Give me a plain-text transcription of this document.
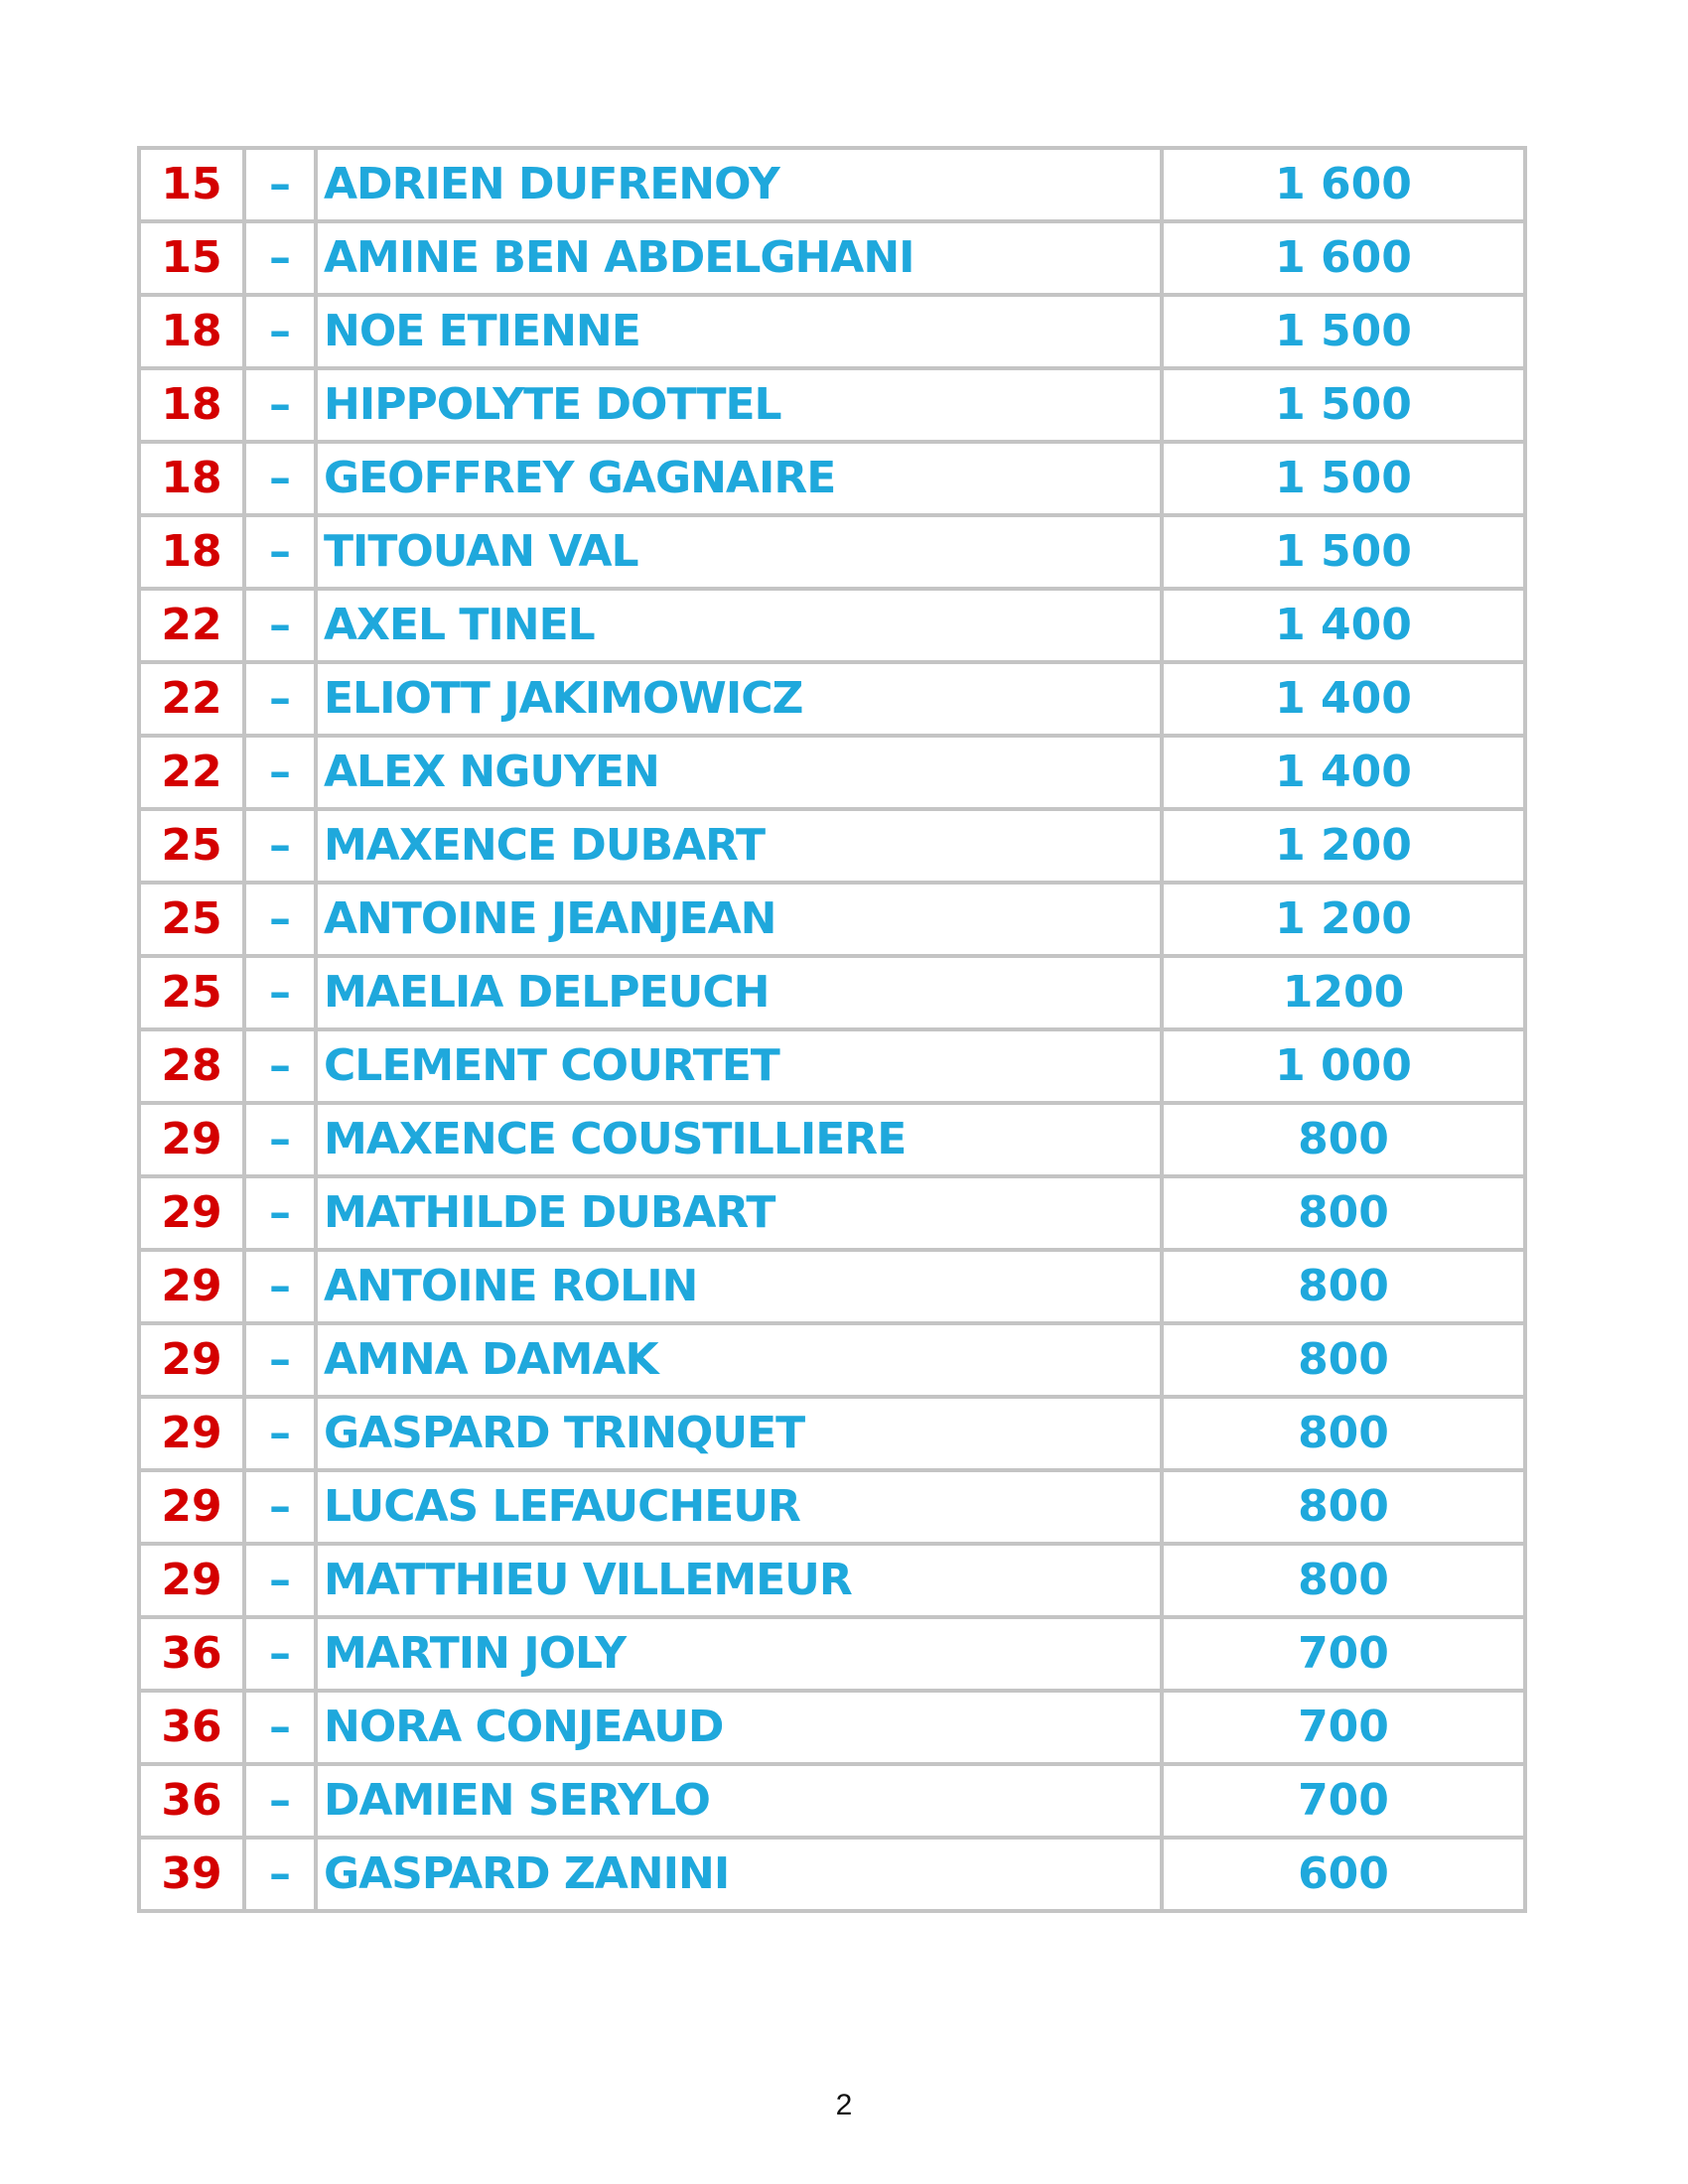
15	–	ADRIEN DUFRENOY	1 600
15	–	AMINE BEN ABDELGHANI	1 600
18	–	NOE ETIENNE	1 500
18	–	HIPPOLYTE DOTTEL	1 500
18	–	GEOFFREY GAGNAIRE	1 500
18	–	TITOUAN VAL	1 500
22	–	AXEL TINEL	1 400
22	–	ELIOTT JAKIMOWICZ	1 400
22	–	ALEX NGUYEN	1 400
25	–	MAXENCE DUBART	1 200
25	–	ANTOINE JEANJEAN	1 200
25	–	MAELIA DELPEUCH	1200
28	–	CLEMENT COURTET	1 000
29	–	MAXENCE COUSTILLIERE	800
29	–	MATHILDE DUBART	800
29	–	ANTOINE ROLIN	800
29	–	AMNA DAMAK	800
29	–	GASPARD TRINQUET	800
29	–	LUCAS LEFAUCHEUR	800
29	–	MATTHIEU VILLEMEUR	800
36	–	MARTIN JOLY	700
36	–	NORA CONJEAUD	700
36	–	DAMIEN SERYLO	700
39	–	GASPARD ZANINI	600
2
